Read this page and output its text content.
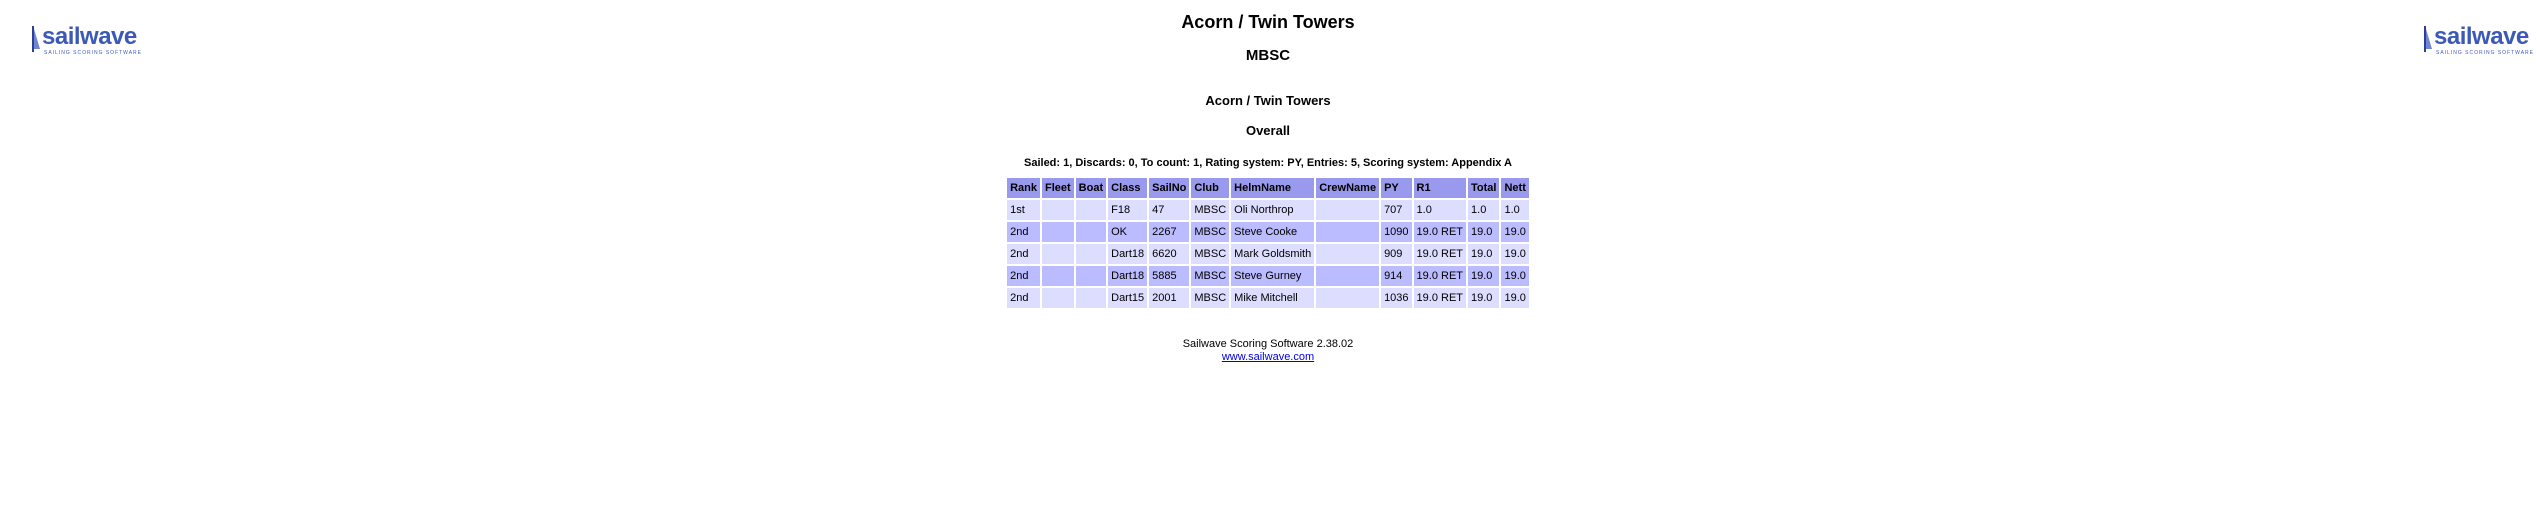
sailwave
SAILING SCORING SOFTWARE
sailwave
SAILING SCORING SOFTWARE
Acorn / Twin Towers
MBSC
Acorn / Twin Towers
Overall
Sailed: 1, Discards: 0, To count: 1, Rating system: PY, Entries: 5, Scoring system: Appendix A
Rank	Fleet	Boat	Class	SailNo	Club	HelmName	CrewName	PY	R1	Total	Nett
1st			F18	47	MBSC	Oli Northrop		707	1.0	1.0	1.0
2nd			OK	2267	MBSC	Steve Cooke		1090	19.0 RET	19.0	19.0
2nd			Dart18	6620	MBSC	Mark Goldsmith		909	19.0 RET	19.0	19.0
2nd			Dart18	5885	MBSC	Steve Gurney		914	19.0 RET	19.0	19.0
2nd			Dart15	2001	MBSC	Mike Mitchell		1036	19.0 RET	19.0	19.0
Sailwave Scoring Software 2.38.02
www.sailwave.com
